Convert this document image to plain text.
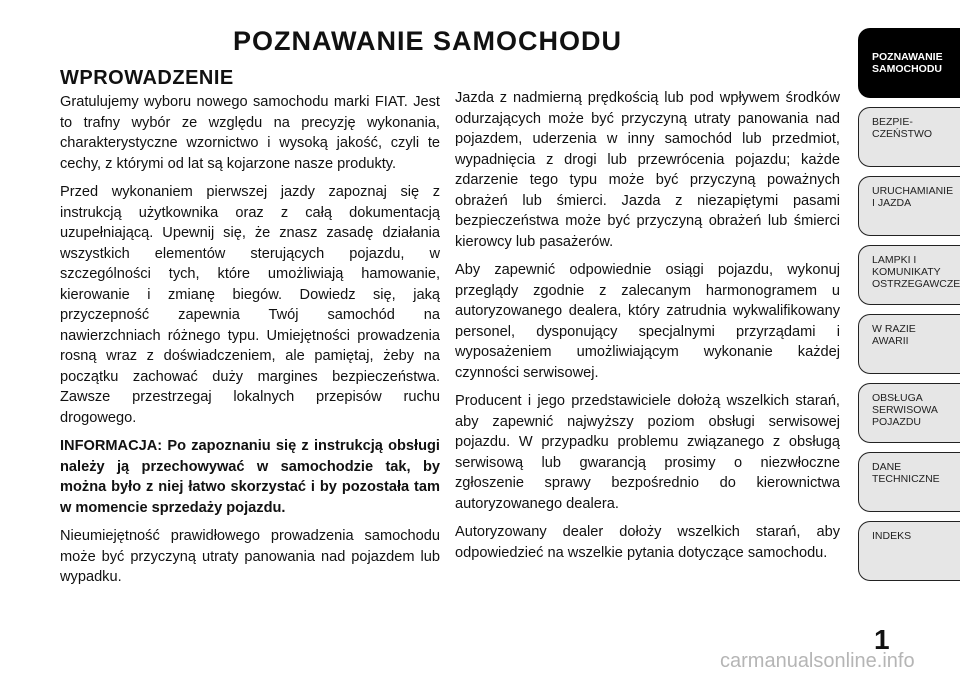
POZNAWANIE SAMOCHODU
WPROWADZENIE

Gratulujemy wyboru nowego samochodu marki FIAT. Jest to trafny wybór ze względu na precyzję wykonania, charakterystyczne wzornictwo i wysoką jakość, czyli te cechy, z którymi od lat są kojarzone nasze produkty.

Przed wykonaniem pierwszej jazdy zapoznaj się z instrukcją użytkownika oraz z całą dokumentacją uzupełniającą. Upewnij się, że znasz zasadę działania wszystkich elementów sterujących pojazdu, w szczególności tych, które umożliwiają hamowanie, kierowanie i zmianę biegów. Dowiedz się, jaką przyczepność zapewnia Twój samochód na nawierzchniach różnego typu. Umiejętności prowadzenia rosną wraz z doświadczeniem, ale pamiętaj, żeby na początku zachować duży margines bezpieczeństwa. Zawsze przestrzegaj lokalnych przepisów ruchu drogowego.

INFORMACJA: Po zapoznaniu się z instrukcją obsługi należy ją przechowywać w samochodzie tak, by można było z niej łatwo skorzystać i by pozostała tam w momencie sprzedaży pojazdu.

Nieumiejętność prawidłowego prowadzenia samochodu może być przyczyną utraty panowania nad pojazdem lub wypadku.

Jazda z nadmierną prędkością lub pod wpływem środków odurzających może być przyczyną utraty panowania nad pojazdem, uderzenia w inny samochód lub przedmiot, wypadnięcia z drogi lub przewrócenia pojazdu; każde zdarzenie tego typu może być przyczyną poważnych obrażeń lub śmierci. Jazda z niezapiętymi pasami bezpieczeństwa może być przyczyną obrażeń lub śmierci kierowcy lub pasażerów.

Aby zapewnić odpowiednie osiągi pojazdu, wykonuj przeglądy zgodnie z zalecanym harmonogramem u autoryzowanego dealera, który zatrudnia wykwalifikowany personel, dysponujący specjalnymi przyrządami i wyposażeniem umożliwiającym wykonanie każdej czynności serwisowej.

Producent i jego przedstawiciele dołożą wszelkich starań, aby zapewnić najwyższy poziom obsługi serwisowej pojazdu. W przypadku problemu związanego z obsługą serwisową lub gwarancją prosimy o niezwłoczne zgłoszenie sprawy bezpośrednio do kierownictwa autoryzowanego dealera.

Autoryzowany dealer dołoży wszelkich starań, aby odpowiedzieć na wszelkie pytania dotyczące samochodu.

POZNAWANIE
SAMOCHODU
BEZPIE-
CZEŃSTWO
URUCHAMIANIE
I JAZDA
LAMPKI I
KOMUNIKATY
OSTRZEGAWCZE
W RAZIE
AWARII
OBSŁUGA
SERWISOWA
POJAZDU
DANE
TECHNICZNE
INDEKS
1
carmanualsonline.info
